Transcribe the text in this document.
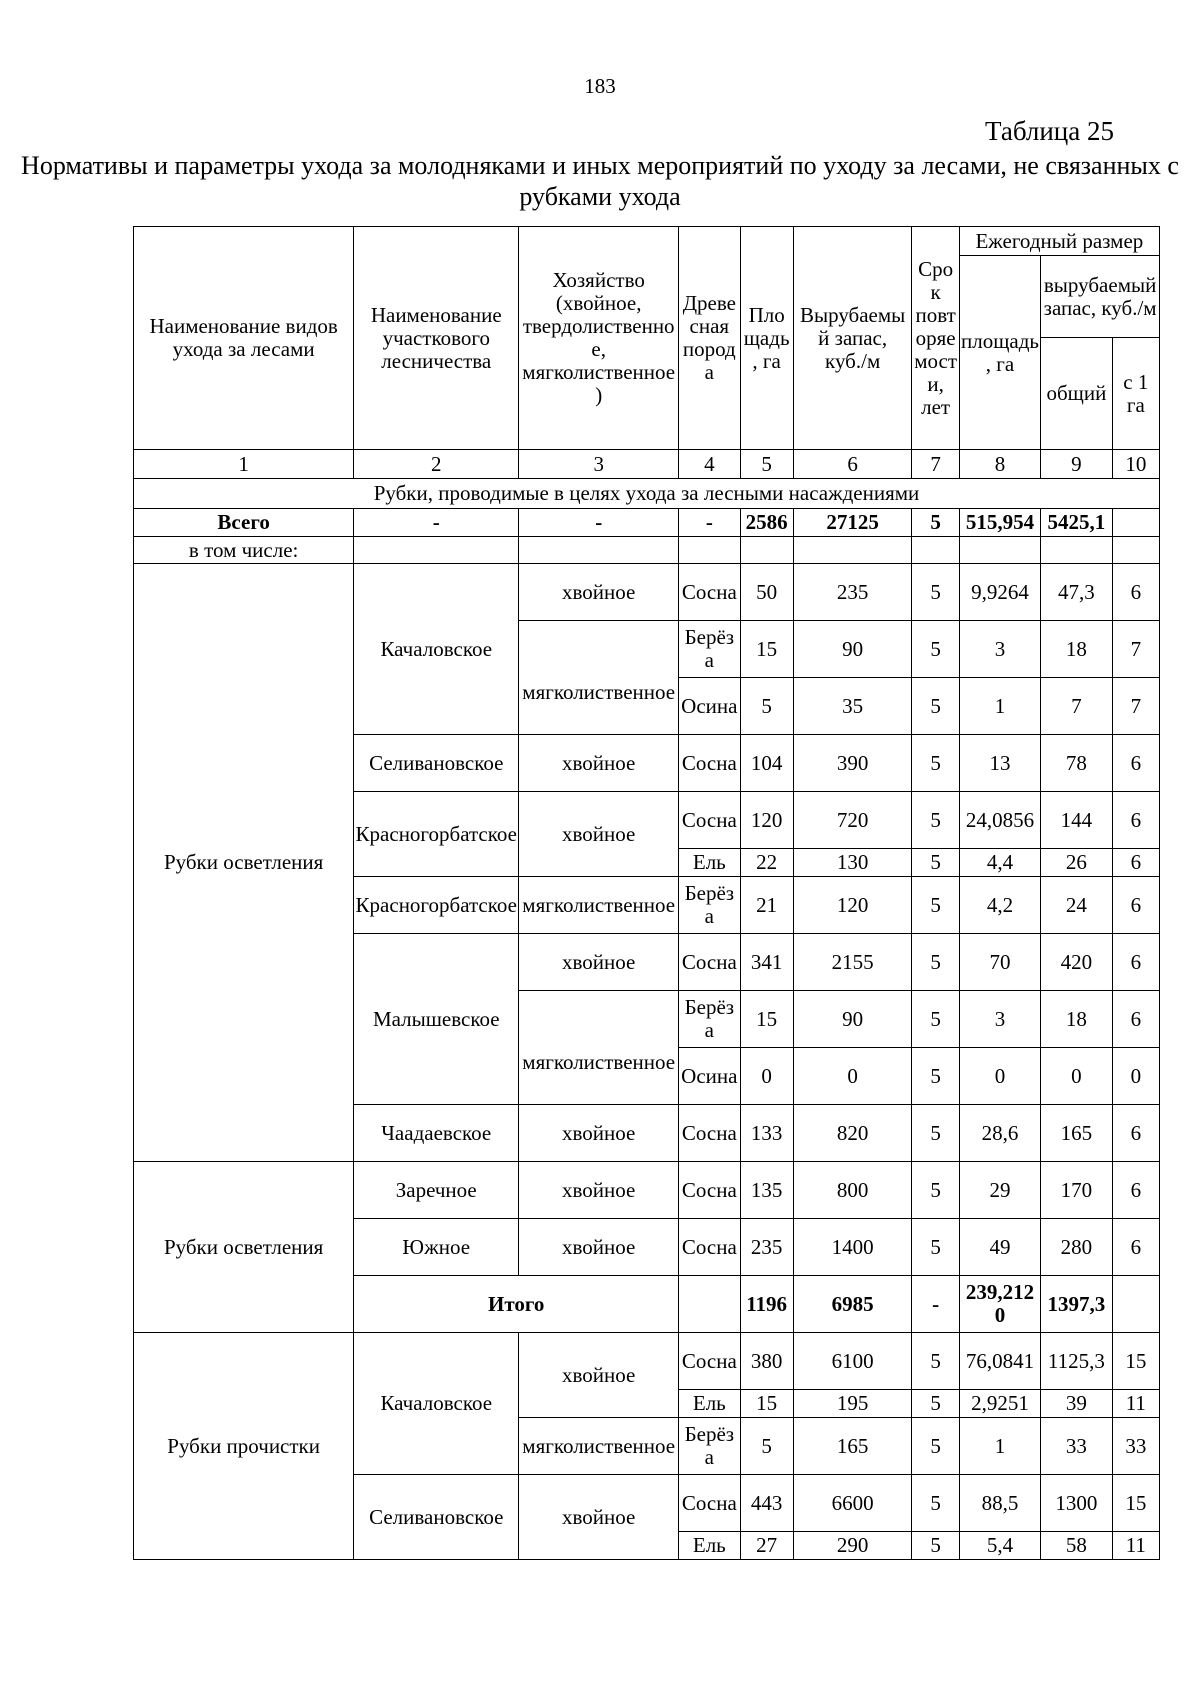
183
Таблица 25
Нормативы и параметры ухода за молодняками и иных мероприятий по уходу за лесами, не связанных с рубками ухода
Наименование видов ухода за лесами	Наименование участкового лесничества	Хозяйство (хвойное, твердолиственное, мягколиственное)	Древесная порода	Площадь, га	Вырубаемый запас, куб./м	Срок повторяемости, лет	Ежегодный размер		
							площадь, га	вырубаемый запас, куб./м	
								общий	с 1 га
1	2	3	4	5	6	7	8	9	10
Рубки, проводимые в целях ухода за лесными насаждениями									
Всего	-	-	-	2586	27125	5	515,954	5425,1	
в том числе:									
Рубки осветления	Качаловское	хвойное	Сосна	50	235	5	9,9264	47,3	6
		мягколиственное	Берёза	15	90	5	3	18	7
			Осина	5	35	5	1	7	7
	Селивановское	хвойное	Сосна	104	390	5	13	78	6
	Красногорбатское	хвойное	Сосна	120	720	5	24,0856	144	6
			Ель	22	130	5	4,4	26	6
	Красногорбатское	мягколиственное	Берёза	21	120	5	4,2	24	6
	Малышевское	хвойное	Сосна	341	2155	5	70	420	6
		мягколиственное	Берёза	15	90	5	3	18	6
			Осина	0	0	5	0	0	0
	Чаадаевское	хвойное	Сосна	133	820	5	28,6	165	6
Рубки осветления	Заречное	хвойное	Сосна	135	800	5	29	170	6
	Южное	хвойное	Сосна	235	1400	5	49	280	6
	Итого			1196	6985	-	239,2120	1397,3	
Рубки прочистки	Качаловское	хвойное	Сосна	380	6100	5	76,0841	1125,3	15
			Ель	15	195	5	2,9251	39	11
		мягколиственное	Берёза	5	165	5	1	33	33
	Селивановское	хвойное	Сосна	443	6600	5	88,5	1300	15
			Ель	27	290	5	5,4	58	11
